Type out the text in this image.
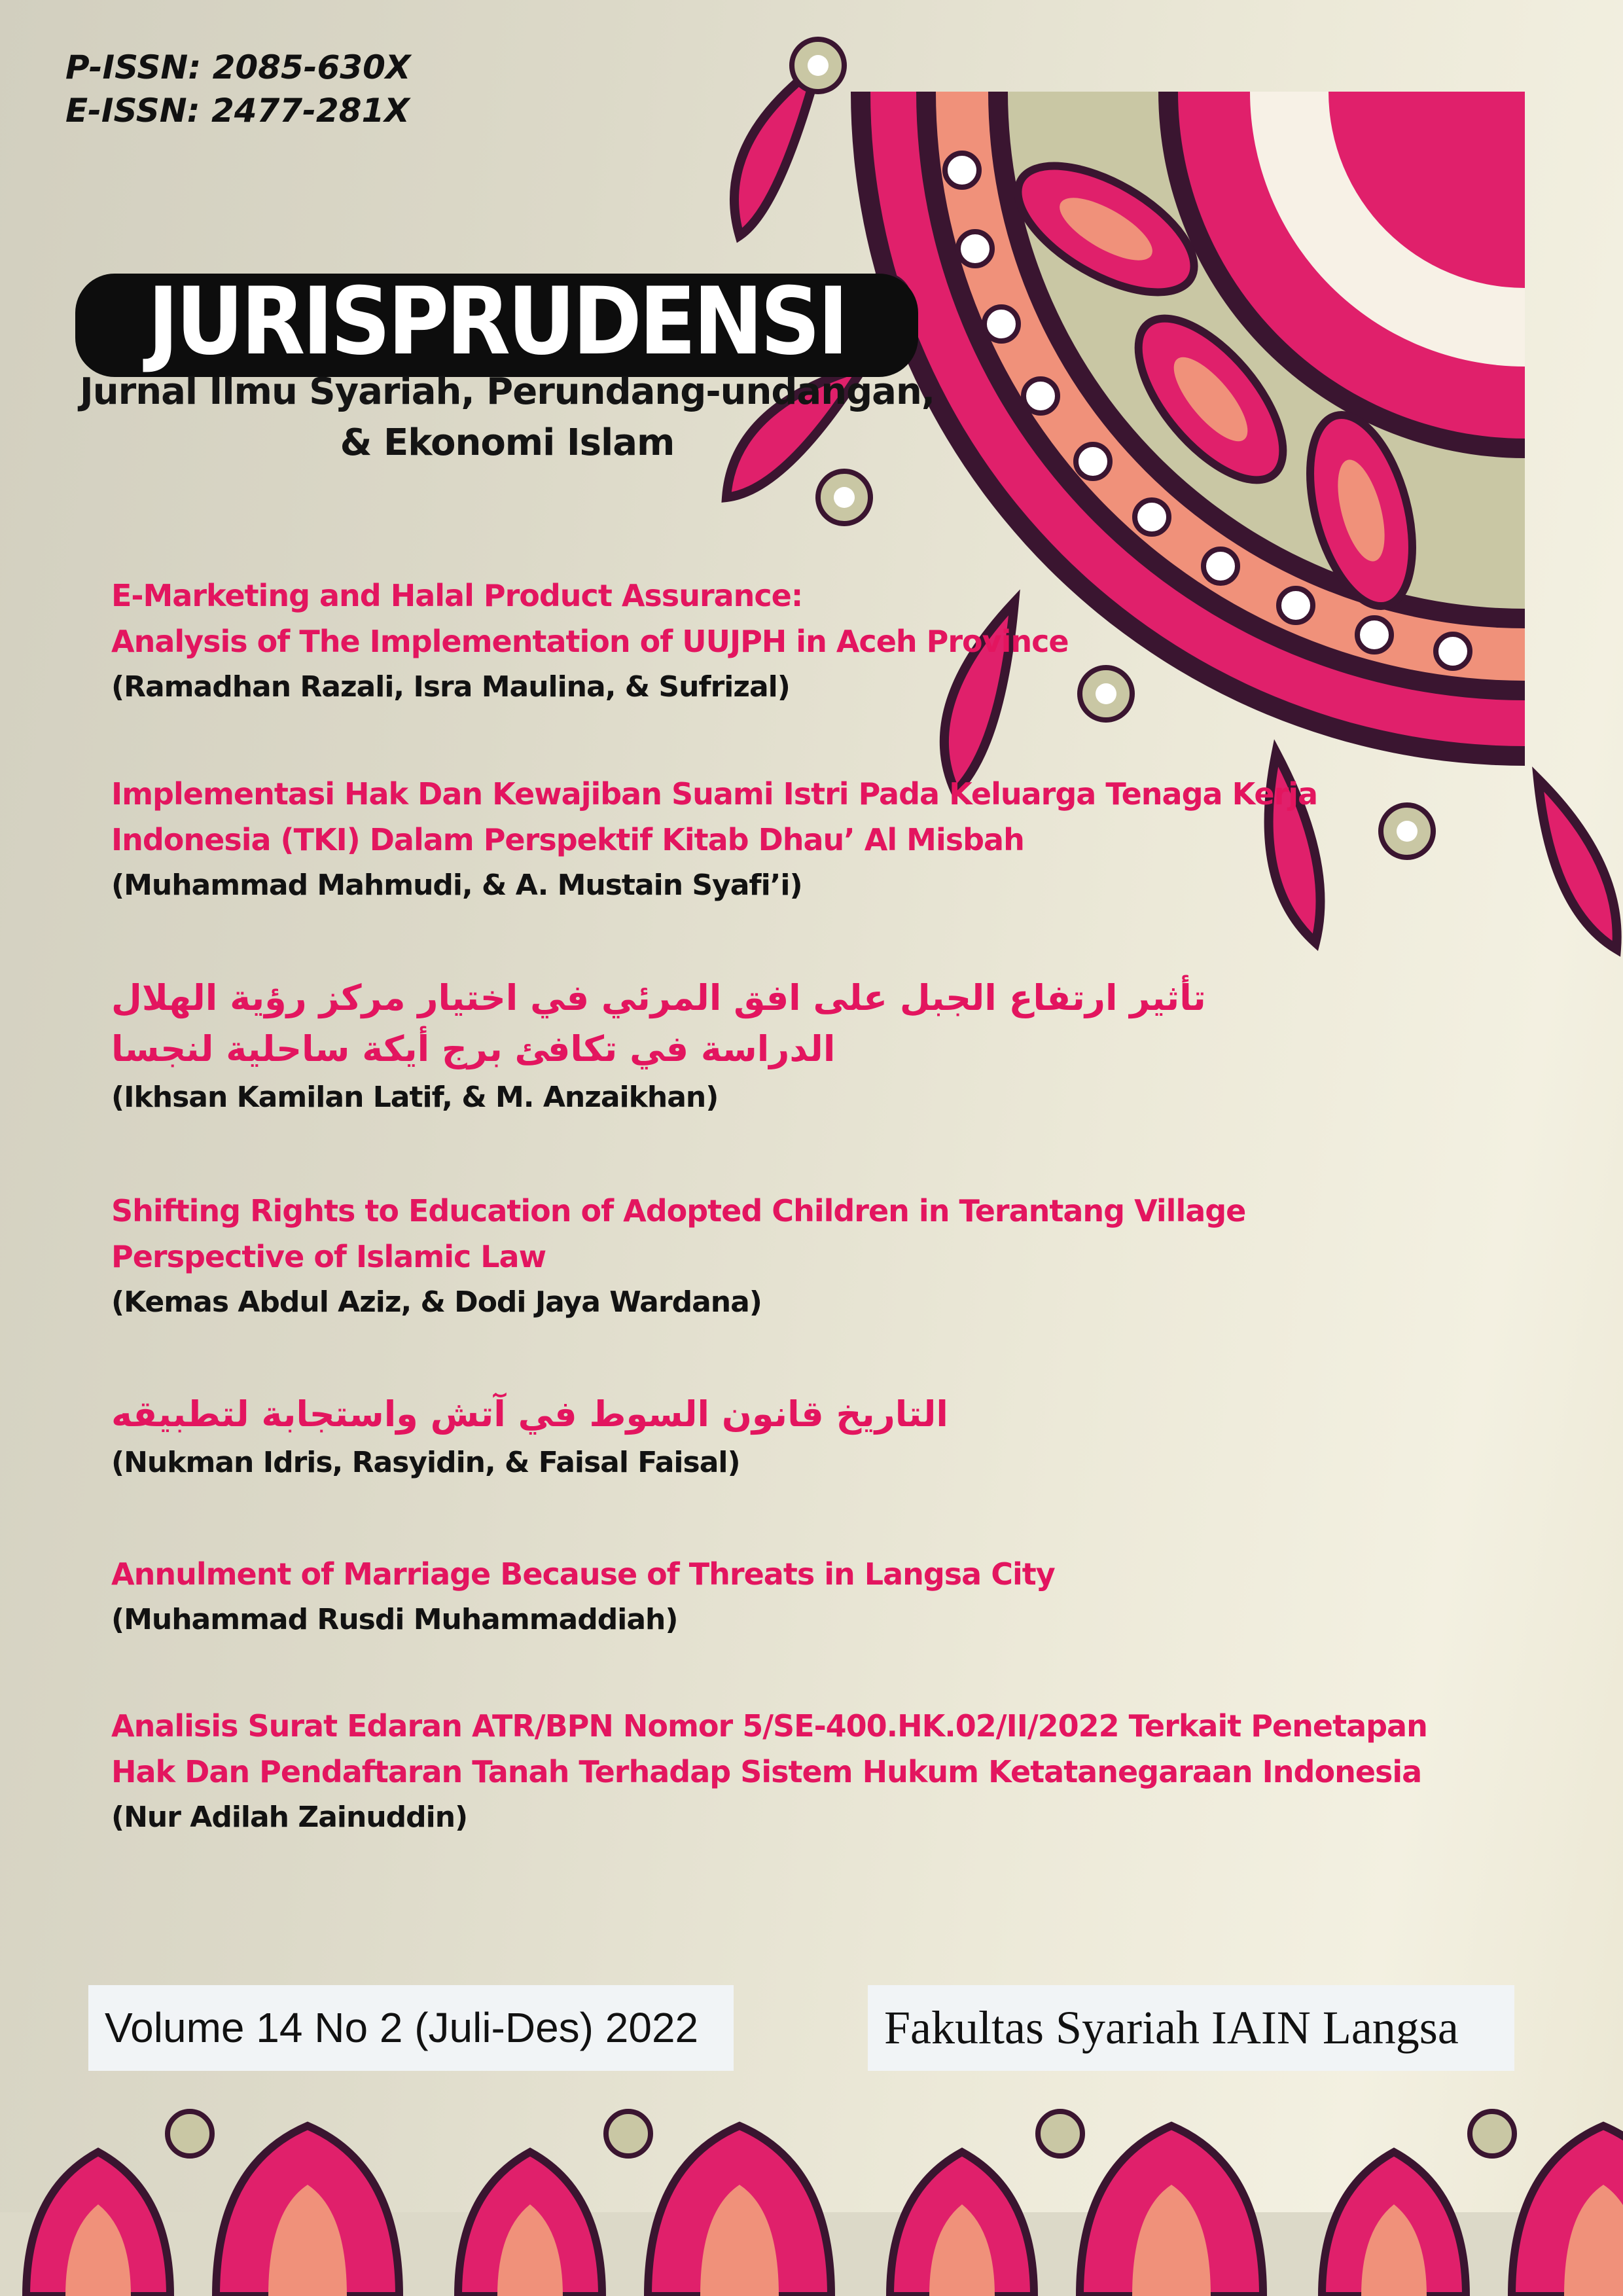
P-ISSN: 2085-630X
E-ISSN: 2477-281X
JURISPRUDENSI
Jurnal Ilmu Syariah, Perundang-undangan,
& Ekonomi Islam
E-Marketing and Halal Product Assurance:
Analysis of The Implementation of UUJPH in Aceh Province
(Ramadhan Razali, Isra Maulina, & Sufrizal)
Implementasi Hak Dan Kewajiban Suami Istri Pada Keluarga Tenaga Kerja
Indonesia (TKI) Dalam Perspektif Kitab Dhau’ Al Misbah
(Muhammad Mahmudi, & A. Mustain Syafi’i)
تأثير ارتفاع الجبل على افق المرئي في اختيار مركز رؤية الهلال
الدراسة في تكافئ برج أيكة ساحلية لنجسا
(Ikhsan Kamilan Latif, & M. Anzaikhan)
Shifting Rights to Education of Adopted Children in Terantang Village
Perspective of Islamic Law
(Kemas Abdul Aziz, & Dodi Jaya Wardana)
التاريخ قانون السوط في آتش واستجابة لتطبيقه
(Nukman Idris, Rasyidin, & Faisal Faisal)
Annulment of Marriage Because of Threats in Langsa City
(Muhammad Rusdi Muhammaddiah)
Analisis Surat Edaran ATR/BPN Nomor 5/SE-400.HK.02/II/2022 Terkait Penetapan
Hak Dan Pendaftaran Tanah Terhadap Sistem Hukum Ketatanegaraan Indonesia
(Nur Adilah Zainuddin)
Volume 14 No 2 (Juli-Des) 2022	Fakultas Syariah IAIN Langsa
